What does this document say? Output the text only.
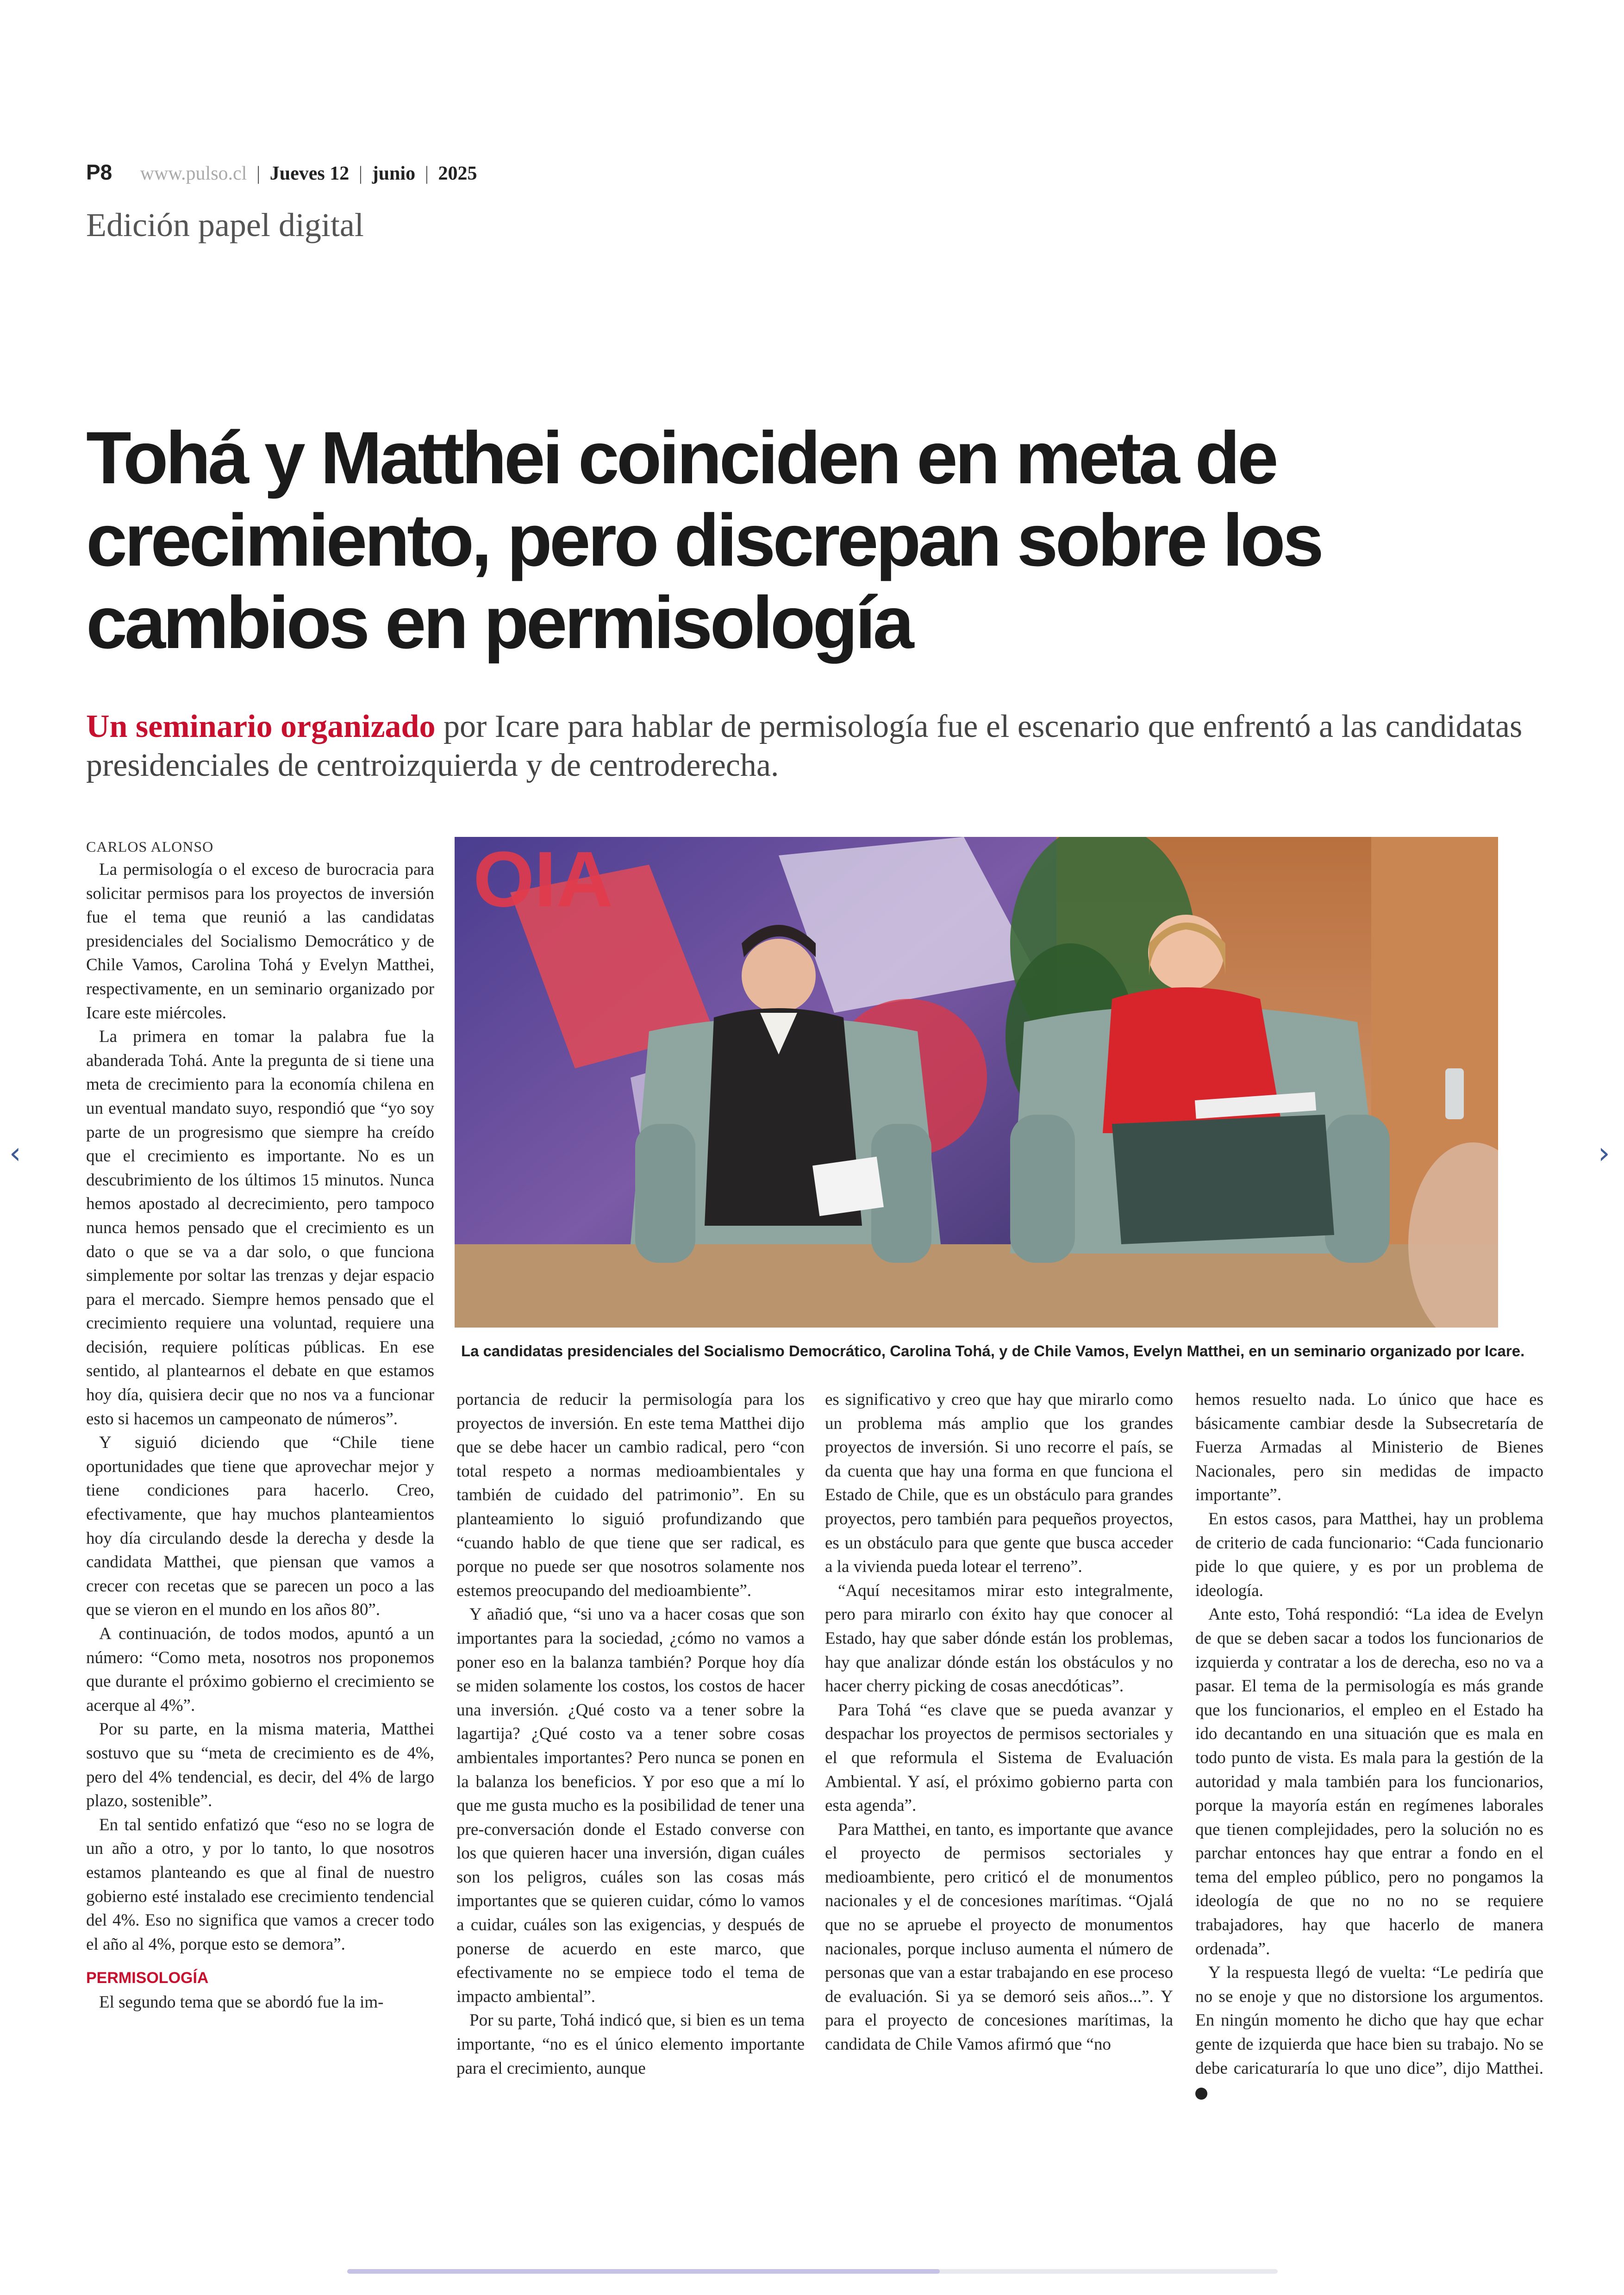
P8 www.pulso.cl | Jueves 12 | junio | 2025
Edición papel digital
Tohá y Matthei coinciden en meta de crecimiento, pero discrepan sobre los cambios en permisología

Un seminario organizado por Icare para hablar de permisología fue el escenario que enfrentó a las candidatas presidenciales de centroizquierda y de centroderecha.

OIA
La candidatas presidenciales del Socialismo Democrático, Carolina Tohá, y de Chile Vamos, Evelyn Matthei, en un seminario organizado por Icare.

CARLOS ALONSO

La permisología o el exceso de burocracia para solicitar permisos para los proyectos de inversión fue el tema que reunió a las candidatas presidenciales del Socialismo Democrático y de Chile Vamos, Carolina Tohá y Evelyn Matthei, respectivamente, en un seminario organizado por Icare este miércoles.

La primera en tomar la palabra fue la abanderada Tohá. Ante la pregunta de si tiene una meta de crecimiento para la economía chilena en un eventual mandato suyo, respondió que “yo soy parte de un progresismo que siempre ha creído que el crecimiento es importante. No es un descubrimiento de los últimos 15 minutos. Nunca hemos apostado al decrecimiento, pero tampoco nunca hemos pensado que el crecimiento es un dato o que se va a dar solo, o que funciona simplemente por soltar las trenzas y dejar espacio para el mercado. Siempre hemos pensado que el crecimiento requiere una voluntad, requiere una decisión, requiere políticas públicas. En ese sentido, al plantearnos el debate en que estamos hoy día, quisiera decir que no nos va a funcionar esto si hacemos un campeonato de números”.

Y siguió diciendo que “Chile tiene oportunidades que tiene que aprovechar mejor y tiene condiciones para hacerlo. Creo, efectivamente, que hay muchos planteamientos hoy día circulando desde la derecha y desde la candidata Matthei, que piensan que vamos a crecer con recetas que se parecen un poco a las que se vieron en el mundo en los años 80”.

A continuación, de todos modos, apuntó a un número: “Como meta, nosotros nos proponemos que durante el próximo gobierno el crecimiento se acerque al 4%”.

Por su parte, en la misma materia, Matthei sostuvo que su “meta de crecimiento es de 4%, pero del 4% tendencial, es decir, del 4% de largo plazo, sostenible”.

En tal sentido enfatizó que “eso no se logra de un año a otro, y por lo tanto, lo que nosotros estamos planteando es que al final de nuestro gobierno esté instalado ese crecimiento tendencial del 4%. Eso no significa que vamos a crecer todo el año al 4%, porque esto se demora”.

PERMISOLOGÍA

El segundo tema que se abordó fue la im-

portancia de reducir la permisología para los proyectos de inversión. En este tema Matthei dijo que se debe hacer un cambio radical, pero “con total respeto a normas medioambientales y también de cuidado del patrimonio”. En su planteamiento lo siguió profundizando que “cuando hablo de que tiene que ser radical, es porque no puede ser que nosotros solamente nos estemos preocupando del medioambiente”.

Y añadió que, “si uno va a hacer cosas que son importantes para la sociedad, ¿cómo no vamos a poner eso en la balanza también? Porque hoy día se miden solamente los costos, los costos de hacer una inversión. ¿Qué costo va a tener sobre la lagartija? ¿Qué costo va a tener sobre cosas ambientales importantes? Pero nunca se ponen en la balanza los beneficios. Y por eso que a mí lo que me gusta mucho es la posibilidad de tener una pre-conversación donde el Estado converse con los que quieren hacer una inversión, digan cuáles son los peligros, cuáles son las cosas más importantes que se quieren cuidar, cómo lo vamos a cuidar, cuáles son las exigencias, y después de ponerse de acuerdo en este marco, que efectivamente no se empiece todo el tema de impacto ambiental”.

Por su parte, Tohá indicó que, si bien es un tema importante, “no es el único elemento importante para el crecimiento, aunque

es significativo y creo que hay que mirarlo como un problema más amplio que los grandes proyectos de inversión. Si uno recorre el país, se da cuenta que hay una forma en que funciona el Estado de Chile, que es un obstáculo para grandes proyectos, pero también para pequeños proyectos, es un obstáculo para que gente que busca acceder a la vivienda pueda lotear el terreno”.

“Aquí necesitamos mirar esto integralmente, pero para mirarlo con éxito hay que conocer al Estado, hay que saber dónde están los problemas, hay que analizar dónde están los obstáculos y no hacer cherry picking de cosas anecdóticas”.

Para Tohá “es clave que se pueda avanzar y despachar los proyectos de permisos sectoriales y el que reformula el Sistema de Evaluación Ambiental. Y así, el próximo gobierno parta con esta agenda”.

Para Matthei, en tanto, es importante que avance el proyecto de permisos sectoriales y medioambiente, pero criticó el de monumentos nacionales y el de concesiones marítimas. “Ojalá que no se apruebe el proyecto de monumentos nacionales, porque incluso aumenta el número de personas que van a estar trabajando en ese proceso de evaluación. Si ya se demoró seis años...”. Y para el proyecto de concesiones marítimas, la candidata de Chile Vamos afirmó que “no

hemos resuelto nada. Lo único que hace es básicamente cambiar desde la Subsecretaría de Fuerza Armadas al Ministerio de Bienes Nacionales, pero sin medidas de impacto importante”.

En estos casos, para Matthei, hay un problema de criterio de cada funcionario: “Cada funcionario pide lo que quiere, y es por un problema de ideología.

Ante esto, Tohá respondió: “La idea de Evelyn de que se deben sacar a todos los funcionarios de izquierda y contratar a los de derecha, eso no va a pasar. El tema de la permisología es más grande que los funcionarios, el empleo en el Estado ha ido decantando en una situación que es mala en todo punto de vista. Es mala para la gestión de la autoridad y mala también para los funcionarios, porque la mayoría están en regímenes laborales que tienen complejidades, pero la solución no es parchar entonces hay que entrar a fondo en el tema del empleo público, pero no pongamos la ideología de que no no no se requiere trabajadores, hay que hacerlo de manera ordenada”.

Y la respuesta llegó de vuelta: “Le pediría que no se enoje y que no distorsione los argumentos. En ningún momento he dicho que hay que echar gente de izquierda que hace bien su trabajo. No se debe caricaturaría lo que uno dice”, dijo Matthei. P

‹	›
